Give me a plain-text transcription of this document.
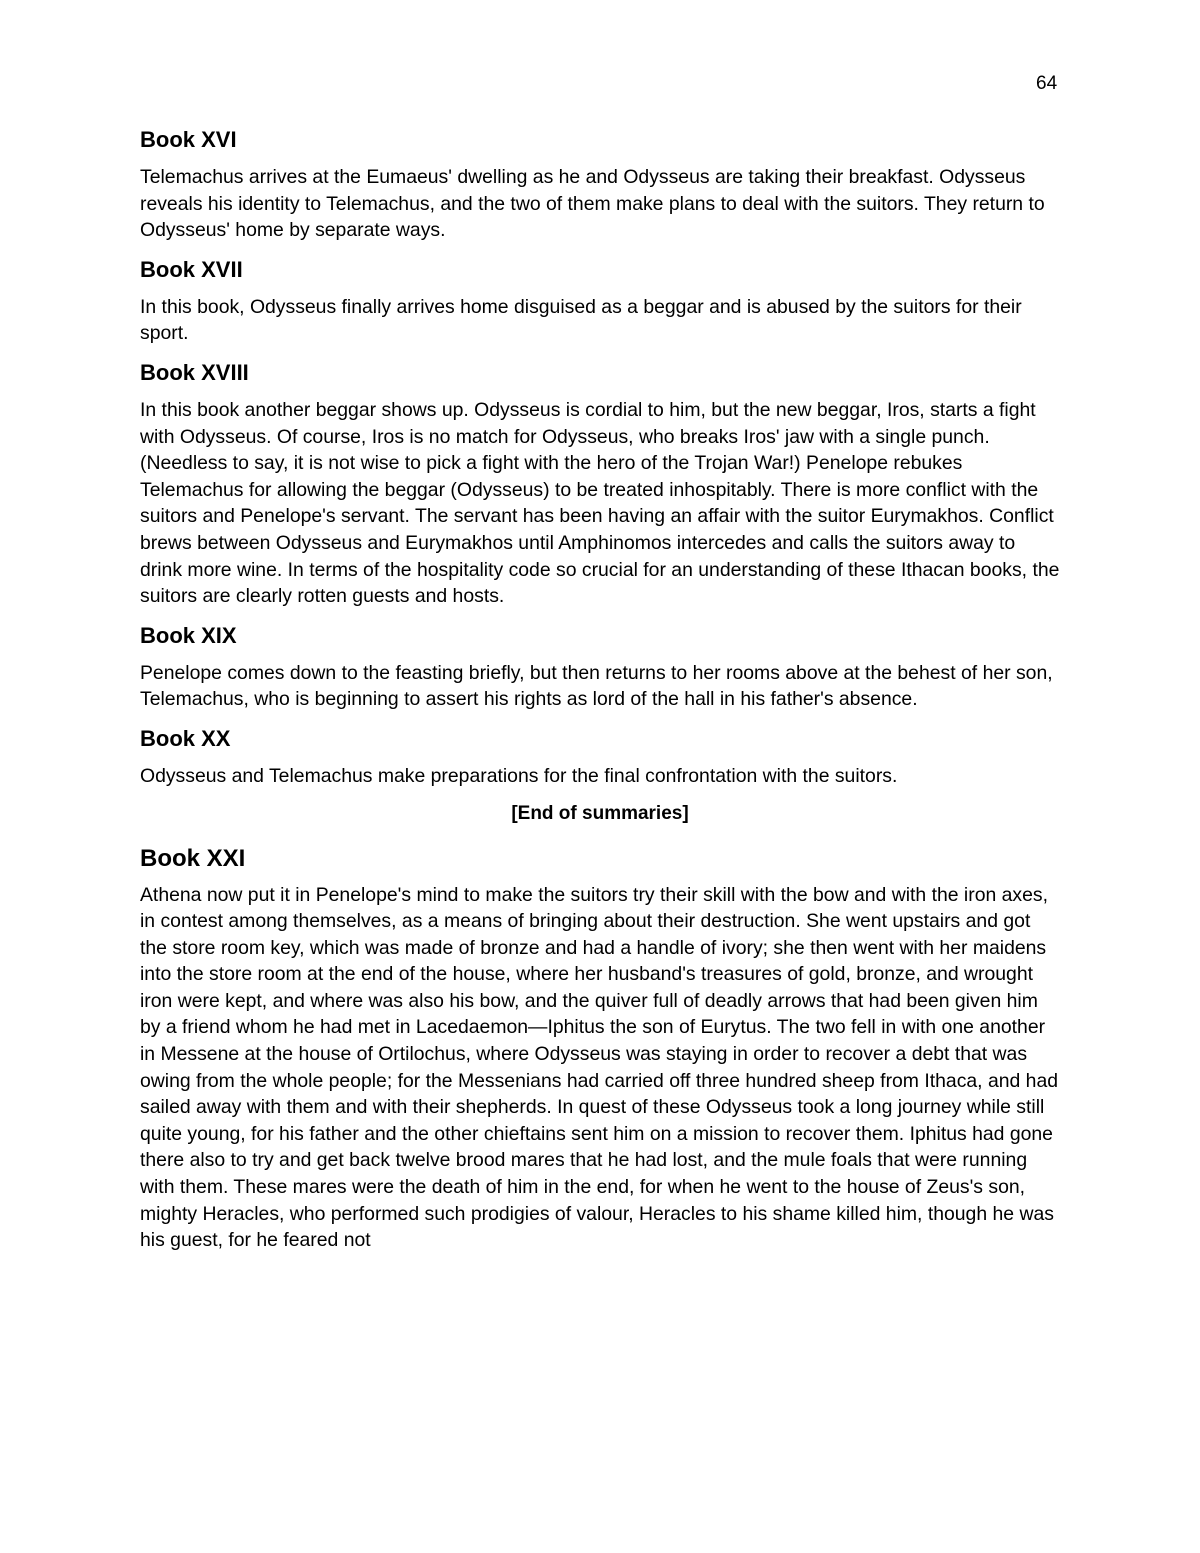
64
Book XVI
Telemachus arrives at the Eumaeus' dwelling as he and Odysseus are taking their breakfast. Odysseus reveals his identity to Telemachus, and the two of them make plans to deal with the suitors. They return to Odysseus' home by separate ways.
Book XVII
In this book, Odysseus finally arrives home disguised as a beggar and is abused by the suitors for their sport.
Book XVIII
In this book another beggar shows up. Odysseus is cordial to him, but the new beggar, Iros, starts a fight with Odysseus. Of course, Iros is no match for Odysseus, who breaks Iros' jaw with a single punch. (Needless to say, it is not wise to pick a fight with the hero of the Trojan War!) Penelope rebukes Telemachus for allowing the beggar (Odysseus) to be treated inhospitably. There is more conflict with the suitors and Penelope's servant. The servant has been having an affair with the suitor Eurymakhos. Conflict brews between Odysseus and Eurymakhos until Amphinomos intercedes and calls the suitors away to drink more wine. In terms of the hospitality code so crucial for an understanding of these Ithacan books, the suitors are clearly rotten guests and hosts.
Book XIX
Penelope comes down to the feasting briefly, but then returns to her rooms above at the behest of her son, Telemachus, who is beginning to assert his rights as lord of the hall in his father's absence.
Book XX
Odysseus and Telemachus make preparations for the final confrontation with the suitors.
[End of summaries]
Book XXI
Athena now put it in Penelope's mind to make the suitors try their skill with the bow and with the iron axes, in contest among themselves, as a means of bringing about their destruction. She went upstairs and got the store room key, which was made of bronze and had a handle of ivory; she then went with her maidens into the store room at the end of the house, where her husband's treasures of gold, bronze, and wrought iron were kept, and where was also his bow, and the quiver full of deadly arrows that had been given him by a friend whom he had met in Lacedaemon—Iphitus the son of Eurytus. The two fell in with one another in Messene at the house of Ortilochus, where Odysseus was staying in order to recover a debt that was owing from the whole people; for the Messenians had carried off three hundred sheep from Ithaca, and had sailed away with them and with their shepherds. In quest of these Odysseus took a long journey while still quite young, for his father and the other chieftains sent him on a mission to recover them. Iphitus had gone there also to try and get back twelve brood mares that he had lost, and the mule foals that were running with them. These mares were the death of him in the end, for when he went to the house of Zeus's son, mighty Heracles, who performed such prodigies of valour, Heracles to his shame killed him, though he was his guest, for he feared not
